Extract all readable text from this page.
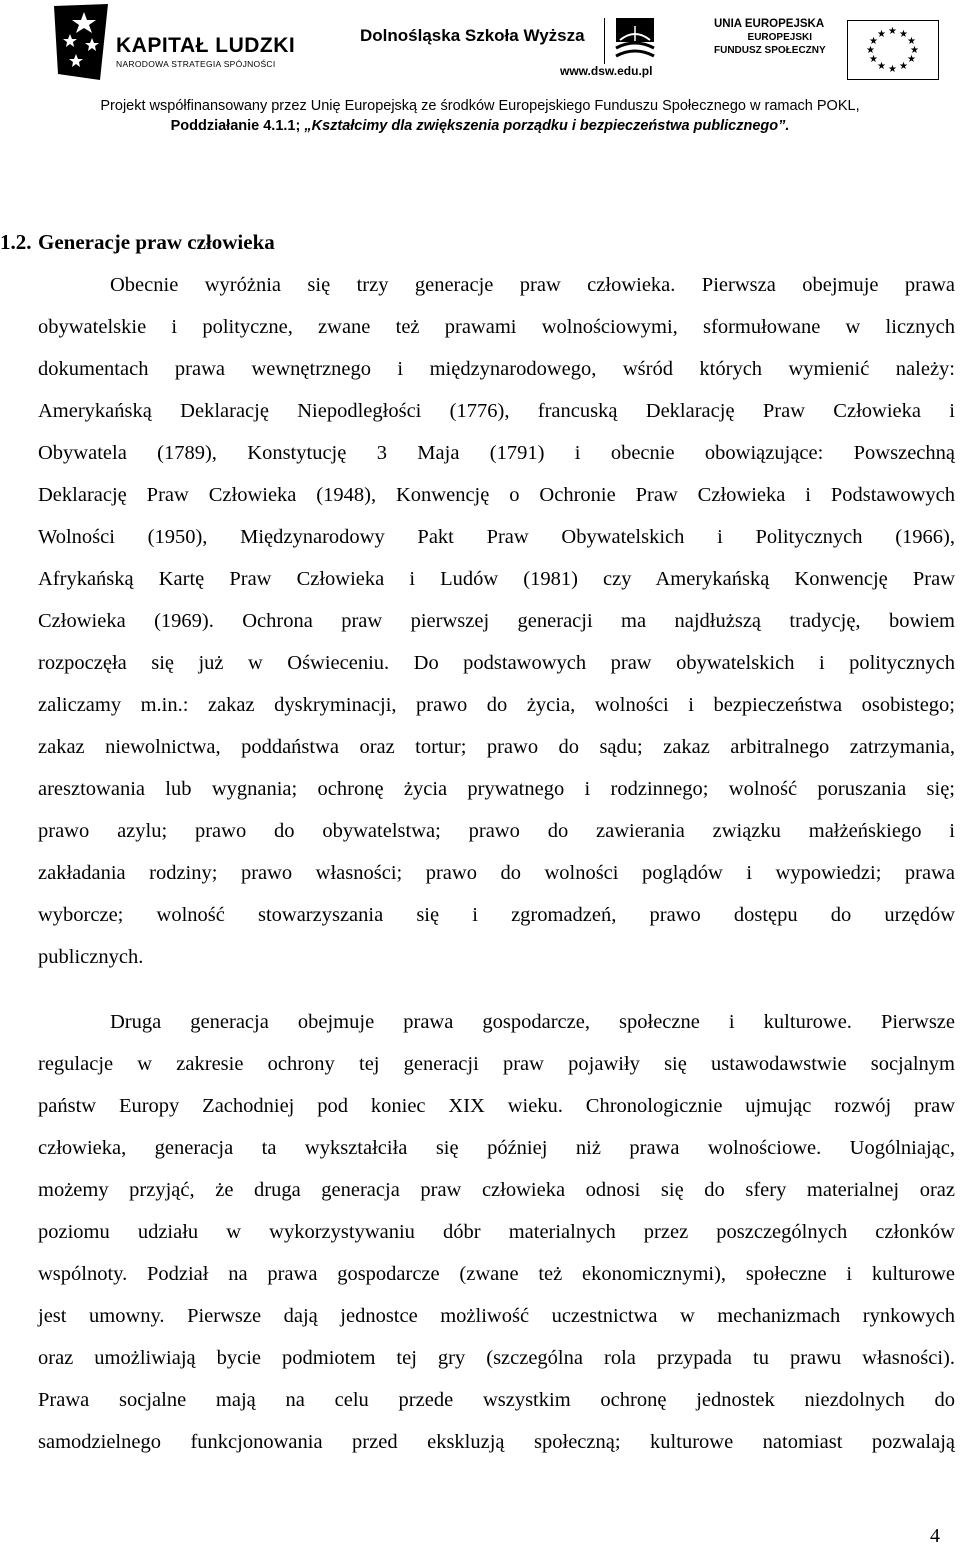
KAPITAŁ LUDZKI
NARODOWA STRATEGIA SPÓJNOŚCI
Dolnośląska Szkoła Wyższa
www.dsw.edu.pl
UNIA EUROPEJSKA
EUROPEJSKI
FUNDUSZ SPOŁECZNY
★ ★
★
★
★
★
★
★
★
★
★
★
Projekt współfinansowany przez Unię Europejską ze środków Europejskiego Funduszu Społecznego w ramach POKL,
Poddziałanie 4.1.1; „Kształcimy dla zwiększenia porządku i bezpieczeństwa publicznego”.
1.2. Generacje praw człowieka
Obecnie wyróżnia się trzy generacje praw człowieka. Pierwsza obejmuje prawa
obywatelskie i polityczne, zwane też prawami wolnościowymi, sformułowane w licznych
dokumentach prawa wewnętrznego i międzynarodowego, wśród których wymienić należy:
Amerykańską Deklarację Niepodległości (1776), francuską Deklarację Praw Człowieka i
Obywatela (1789), Konstytucję 3 Maja (1791) i obecnie obowiązujące: Powszechną
Deklarację Praw Człowieka (1948), Konwencję o Ochronie Praw Człowieka i Podstawowych
Wolności (1950), Międzynarodowy Pakt Praw Obywatelskich i Politycznych (1966),
Afrykańską Kartę Praw Człowieka i Ludów (1981) czy Amerykańską Konwencję Praw
Człowieka (1969). Ochrona praw pierwszej generacji ma najdłuższą tradycję, bowiem
rozpoczęła się już w Oświeceniu. Do podstawowych praw obywatelskich i politycznych
zaliczamy m.in.: zakaz dyskryminacji, prawo do życia, wolności i bezpieczeństwa osobistego;
zakaz niewolnictwa, poddaństwa oraz tortur; prawo do sądu; zakaz arbitralnego zatrzymania,
aresztowania lub wygnania; ochronę życia prywatnego i rodzinnego; wolność poruszania się;
prawo azylu; prawo do obywatelstwa; prawo do zawierania związku małżeńskiego i
zakładania rodziny; prawo własności; prawo do wolności poglądów i wypowiedzi; prawa
wyborcze; wolność stowarzyszania się i zgromadzeń, prawo dostępu do urzędów
publicznych.
Druga generacja obejmuje prawa gospodarcze, społeczne i kulturowe. Pierwsze
regulacje w zakresie ochrony tej generacji praw pojawiły się ustawodawstwie socjalnym
państw Europy Zachodniej pod koniec XIX wieku. Chronologicznie ujmując rozwój praw
człowieka, generacja ta wykształciła się później niż prawa wolnościowe. Uogólniając,
możemy przyjąć, że druga generacja praw człowieka odnosi się do sfery materialnej oraz
poziomu udziału w wykorzystywaniu dóbr materialnych przez poszczególnych członków
wspólnoty. Podział na prawa gospodarcze (zwane też ekonomicznymi), społeczne i kulturowe
jest umowny. Pierwsze dają jednostce możliwość uczestnictwa w mechanizmach rynkowych
oraz umożliwiają bycie podmiotem tej gry (szczególna rola przypada tu prawu własności).
Prawa socjalne mają na celu przede wszystkim ochronę jednostek niezdolnych do
samodzielnego funkcjonowania przed ekskluzją społeczną; kulturowe natomiast pozwalają
4
